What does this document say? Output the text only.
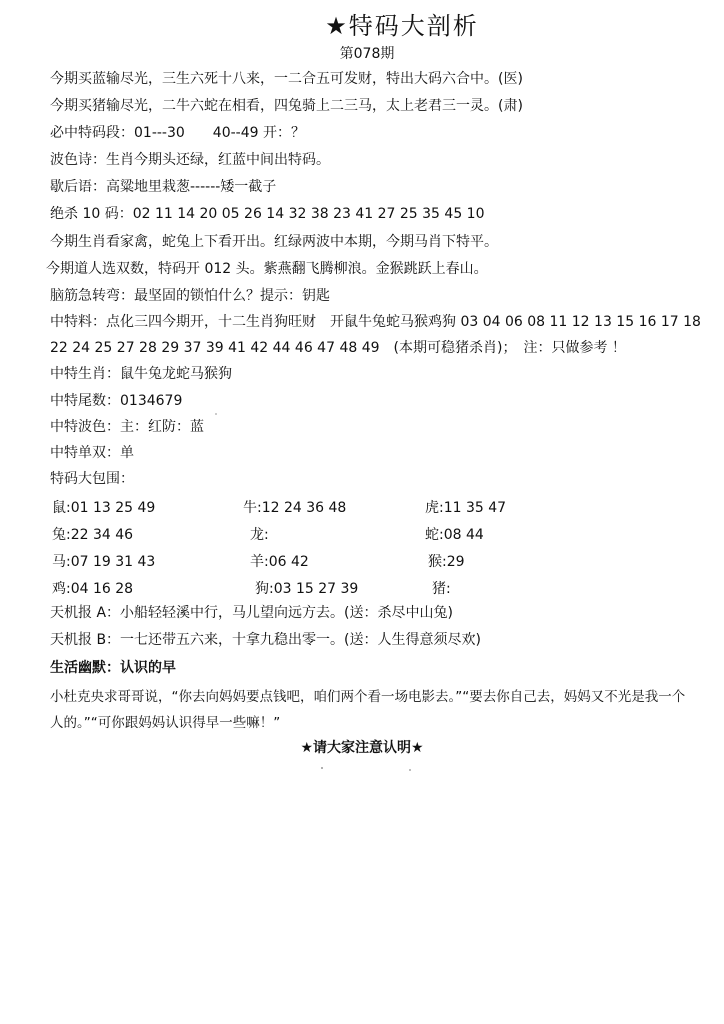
★特码大剖析
第078期
今期买蓝输尽光，三生六死十八来，一二合五可发财，特出大码六合中。(医)
今期买猪输尽光，二牛六蛇在相看，四兔骑上二三马，太上老君三一灵。(肃)
必中特码段：01---30　　40--49 开：？
波色诗：生肖今期头还绿，红蓝中间出特码。
歇后语：高粱地里栽葱------矮一截子
绝杀 10 码：02 11 14 20 05 26 14 32 38 23 41 27 25 35 45 10
今期生肖看家禽，蛇兔上下看开出。红绿两波中本期，今期马肖下特平。
今期道人选双数，特码开 012 头。紫燕翻飞腾柳浪。金猴跳跃上春山。
脑筋急转弯：最坚固的锁怕什么？提示：钥匙
中特料：点化三四今期开，十二生肖狗旺财　开鼠牛兔蛇马猴鸡狗 03 04 06 08 11 12 13 15 16 17 18
22 24 25 27 28 29 37 39 41 42 44 46 47 48 49　(本期可稳猪杀肖)；　注：只做参考 ！
中特生肖：鼠牛兔龙蛇马猴狗
中特尾数：0134679
中特波色：主：红防：蓝
中特单双：单
特码大包围：
鼠:01 13 25 49	牛:12 24 36 48	虎:11 35 47
兔:22 34 46	龙:	蛇:08 44
马:07 19 31 43	羊:06 42	猴:29
鸡:04 16 28	狗:03 15 27 39	猪:
天机报 A：小船轻轻溪中行，马儿望向远方去。(送：杀尽中山兔)
天机报 B：一七还带五六来，十拿九稳出零一。(送：人生得意须尽欢)
生活幽默：认识的早
小杜克央求哥哥说，“你去向妈妈要点钱吧，咱们两个看一场电影去。”“要去你自己去，妈妈又不光是我一个人的。”“可你跟妈妈认识得早一些嘛！”
★请大家注意认明★
